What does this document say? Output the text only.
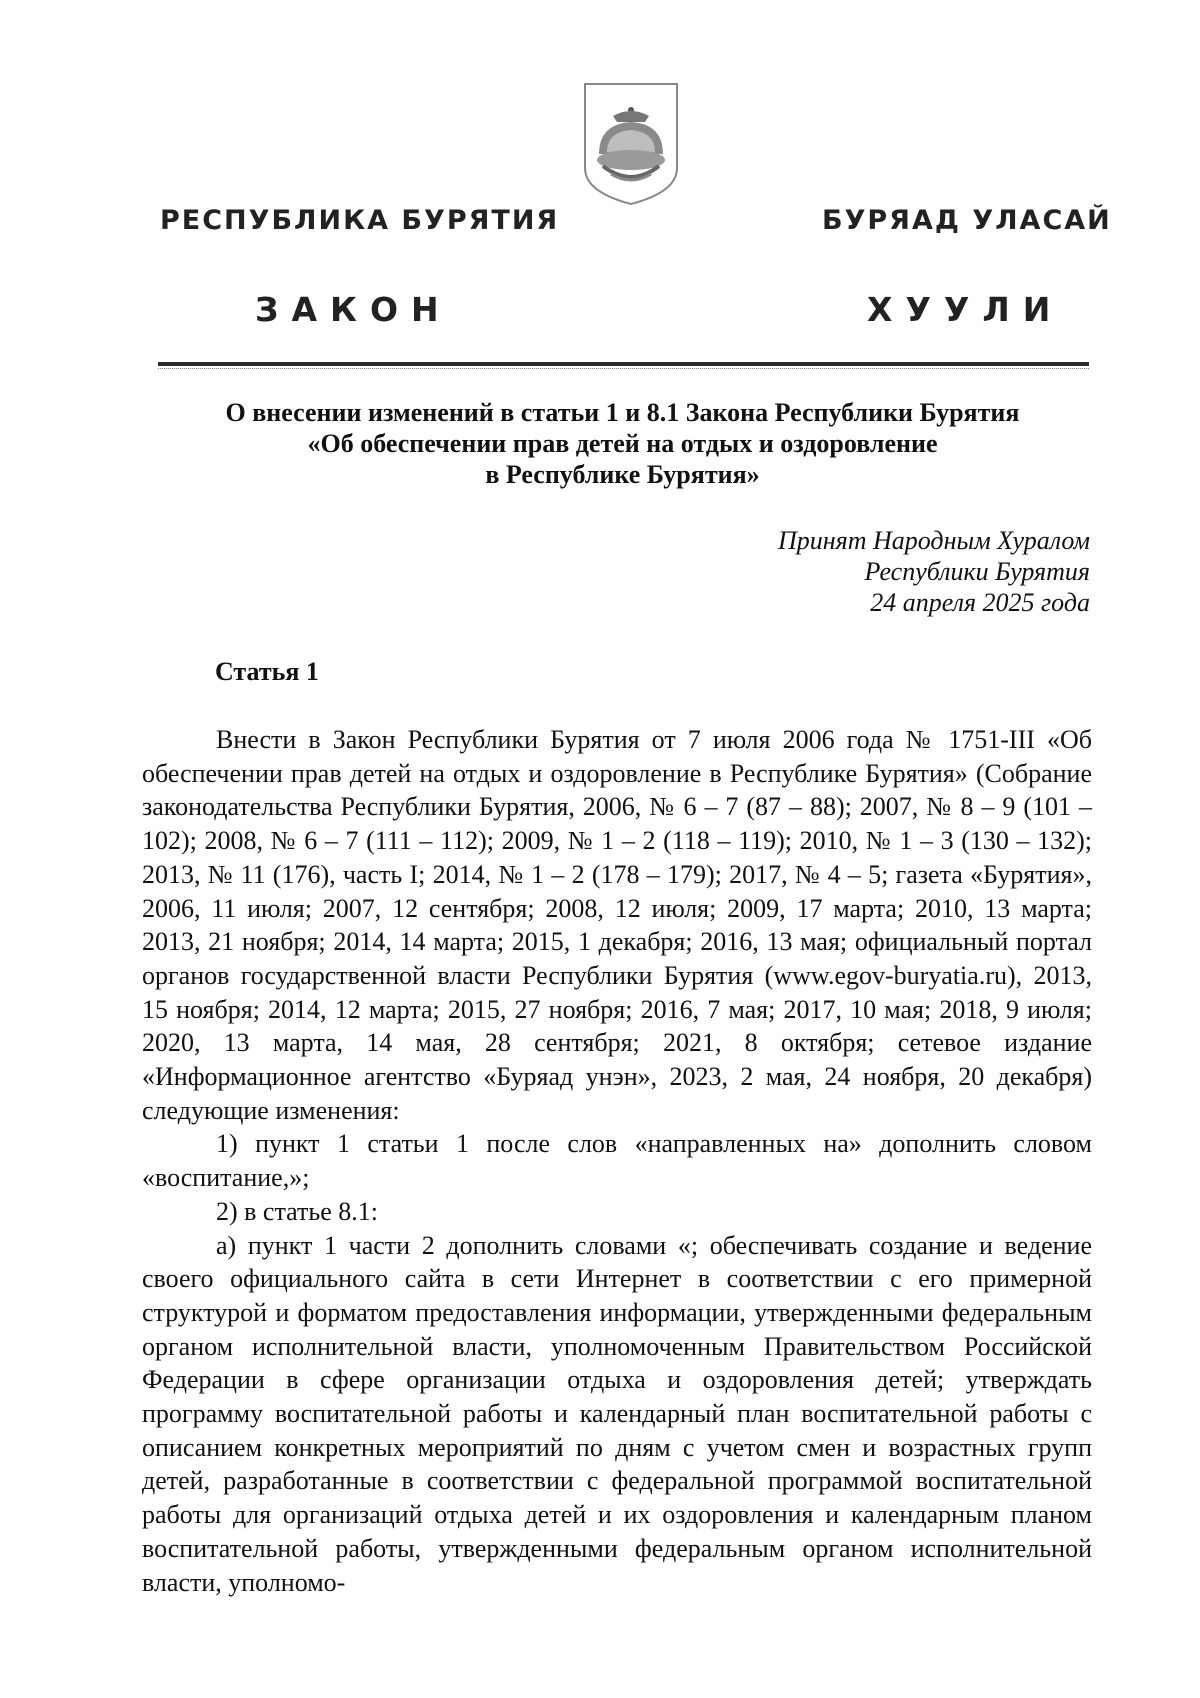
РЕСПУБЛИКА БУРЯТИЯ	БУРЯАД УЛАСАЙ
ЗАКОН	ХУУЛИ
О внесении изменений в статьи 1 и 8.1 Закона Республики Бурятия
«Об обеспечении прав детей на отдых и оздоровление
в Республике Бурятия»
Принят Народным Хуралом
Республики Бурятия
24 апреля 2025 года
Статья 1

Внести в Закон Республики Бурятия от 7 июля 2006 года № 1751-III «Об обеспечении прав детей на отдых и оздоровление в Республике Бурятия» (Собрание законодательства Республики Бурятия, 2006, № 6 – 7 (87 – 88); 2007, № 8 – 9 (101 – 102); 2008, № 6 – 7 (111 – 112); 2009, № 1 – 2 (118 – 119); 2010, № 1 – 3 (130 – 132); 2013, № 11 (176), часть I; 2014, № 1 – 2 (178 – 179); 2017, № 4 – 5; газета «Бурятия», 2006, 11 июля; 2007, 12 сентября; 2008, 12 июля; 2009, 17 марта; 2010, 13 марта; 2013, 21 ноября; 2014, 14 марта; 2015, 1 декабря; 2016, 13 мая; официальный портал органов государственной власти Республики Бурятия (www.egov-buryatia.ru), 2013, 15 ноября; 2014, 12 марта; 2015, 27 ноября; 2016, 7 мая; 2017, 10 мая; 2018, 9 июля; 2020, 13 марта, 14 мая, 28 сентября; 2021, 8 октября; сетевое издание «Информационное агентство «Буряад унэн», 2023, 2 мая, 24 ноября, 20 декабря) следующие изменения:

1) пункт 1 статьи 1 после слов «направленных на» дополнить словом «воспитание,»;

2) в статье 8.1:

а) пункт 1 части 2 дополнить словами «; обеспечивать создание и ведение своего официального сайта в сети Интернет в соответствии с его примерной структурой и форматом предоставления информации, утвержденными федеральным органом исполнительной власти, уполномоченным Правительством Российской Федерации в сфере организации отдыха и оздоровления детей; утверждать программу воспитательной работы и календарный план воспитательной работы с описанием конкретных мероприятий по дням с учетом смен и возрастных групп детей, разработанные в соответствии с федеральной программой воспитательной работы для организаций отдыха детей и их оздоровления и календарным планом воспитательной работы, утвержденными федеральным органом исполнительной власти, уполномо-
